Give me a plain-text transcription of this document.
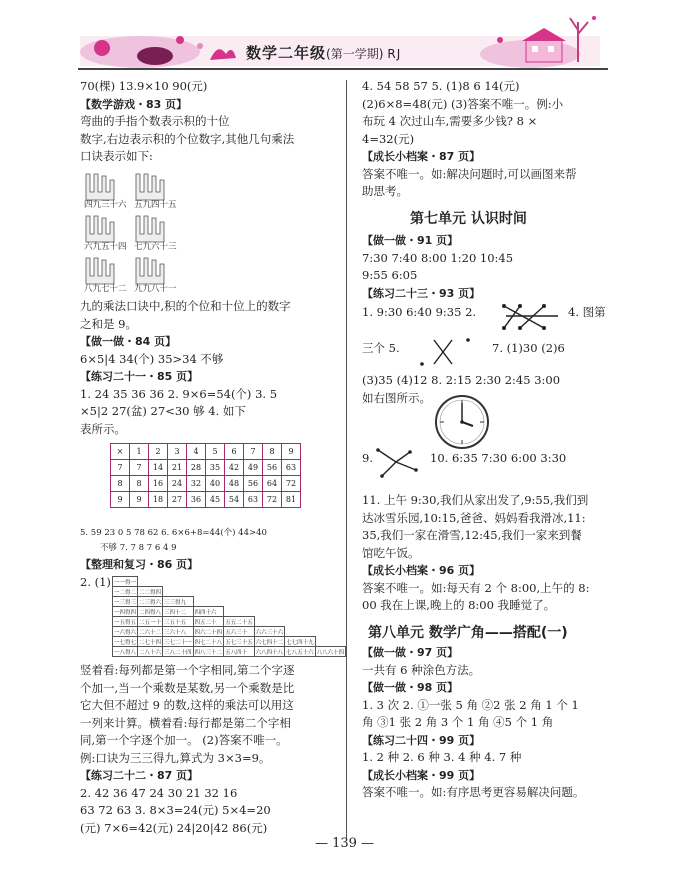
数学二年级(第一学期) RJ

70(棵) 13.9×10 90(元)

【数学游戏・83 页】

弯曲的手指个数表示积的十位

数字,右边表示积的个位数字,其他几句乘法

口诀表示如下:

四九三十六 五九四十五
六九五十四 七九六十三
八九七十二 九九八十一

九的乘法口诀中,积的个位和十位上的数字

之和是 9。

【做一做・84 页】

6×5|4 34(个) 35>34 不够

【练习二十一・85 页】

1. 24 35 36 36 2. 9×6=54(个) 3. 5

×5|2 27(盆) 27<30 够 4. 如下

表所示。

×	1	2	3	4	5	6	7	8	9
7	7	14	21	28	35	42	49	56	63
8	8	16	24	32	40	48	56	64	72
9	9	18	27	36	45	54	63	72	81
5. 59 23 0 5 78 62 6. 6×6+8=44(个) 44>40
不够 7. 7 8 7 6 4 9

【整理和复习・86 页】

2. (1) 一一得一							
一二得二	二二得四						
一三得三	二三得六	三三得九					
一四得四	二四得八	三四十二	四四十六				
一五得五	二五一十	三五十五	四五二十	五五二十五			
一六得六	二六十二	三六十八	四六二十四	五六三十	六六三十六		
一七得七	二七十四	三七二十一	四七二十八	五七三十五	六七四十二	七七四十九	
一八得八	二八十六	三八二十四	四八三十二	五八四十	六八四十八	七八五十六	八八六十四

竖着看:每列都是第一个字相同,第二个字逐

个加一,当一个乘数是某数,另一个乘数是比

它大但不超过 9 的数,这样的乘法可以用这

一列来计算。横着看:每行都是第二个字相

同,第一个字逐个加一。 (2)答案不唯一。

例:口诀为三三得九,算式为 3×3=9。

【练习二十二・87 页】

2. 42 36 47 24 30 21 32 16

63 72 63 3. 8×3=24(元) 5×4=20

(元) 7×6=42(元) 24|20|42 86(元)

4. 54 58 57 5. (1)8 6 14(元)

(2)6×8=48(元) (3)答案不唯一。例:小

布玩 4 次过山车,需要多少钱? 8 ×

4=32(元)

【成长小档案・87 页】

答案不唯一。如:解决问题时,可以画图来帮

助思考。

第七单元 认识时间

【做一做・91 页】

7:30 7:40 8:00 1:20 10:45

9:55 6:05

【练习二十三・93 页】

1. 9:30 6:40 9:35 2.	4. 图第
三个 5.	7. (1)30 (2)6

(3)35 (4)12 8. 2:15 2:30 2:45 3:00

如右图所示。

9.	10. 6:35 7:30 6:00 3:30

11. 上午 9:30,我们从家出发了,9:55,我们到

达冰雪乐园,10:15,爸爸、妈妈看我滑冰,11:

35,我们一家在滑雪,12:45,我们一家来到餐

馆吃午饭。

【成长小档案・96 页】

答案不唯一。如:每天有 2 个 8:00,上午的 8:

00 我在上课,晚上的 8:00 我睡觉了。

第八单元 数学广角——搭配(一)

【做一做・97 页】

一共有 6 种涂色方法。

【做一做・98 页】

1. 3 次 2. ①一张 5 角 ②2 张 2 角 1 个 1

角 ③1 张 2 角 3 个 1 角 ④5 个 1 角

【练习二十四・99 页】

1. 2 种 2. 6 种 3. 4 种 4. 7 种

【成长小档案・99 页】

答案不唯一。如:有序思考更容易解决问题。

— 139 —
